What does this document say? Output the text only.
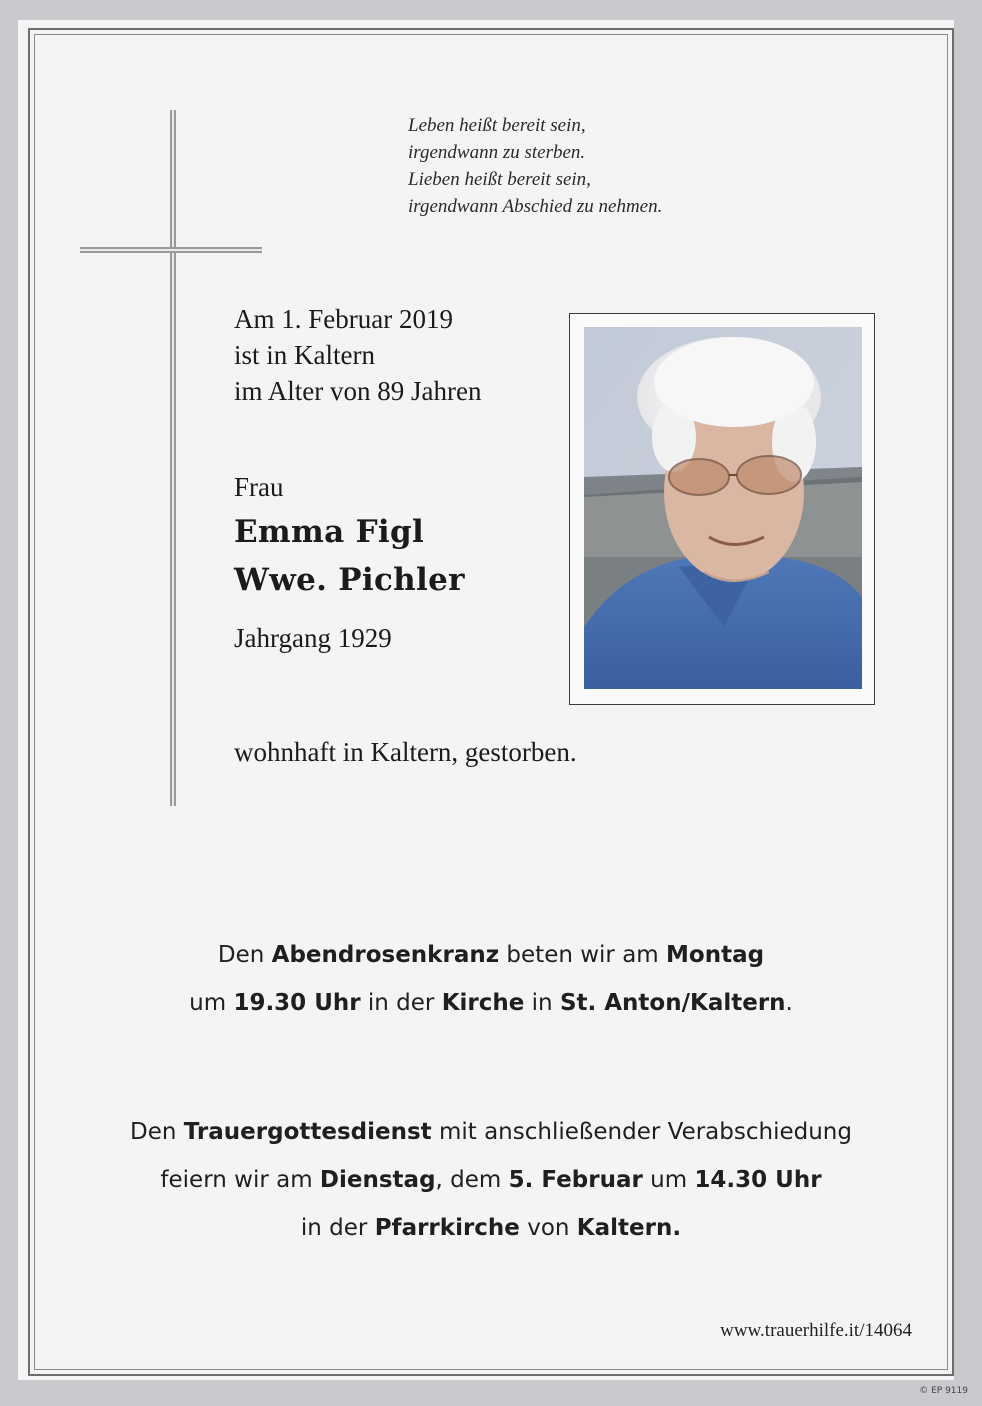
Leben heißt bereit sein,
irgendwann zu sterben.
Lieben heißt bereit sein,
irgendwann Abschied zu nehmen.
Am 1. Februar 2019
ist in Kaltern
im Alter von 89 Jahren
Frau
Emma Figl
Wwe. Pichler
Jahrgang 1929
wohnhaft in Kaltern, gestorben.
Den Abendrosenkranz beten wir am Montag
um 19.30 Uhr in der Kirche in St. Anton/Kaltern.
Den Trauergottesdienst mit anschließender Verabschiedung
feiern wir am Dienstag, dem 5. Februar um 14.30 Uhr
in der Pfarrkirche von Kaltern.
www.trauerhilfe.it/14064
© EP 9119
